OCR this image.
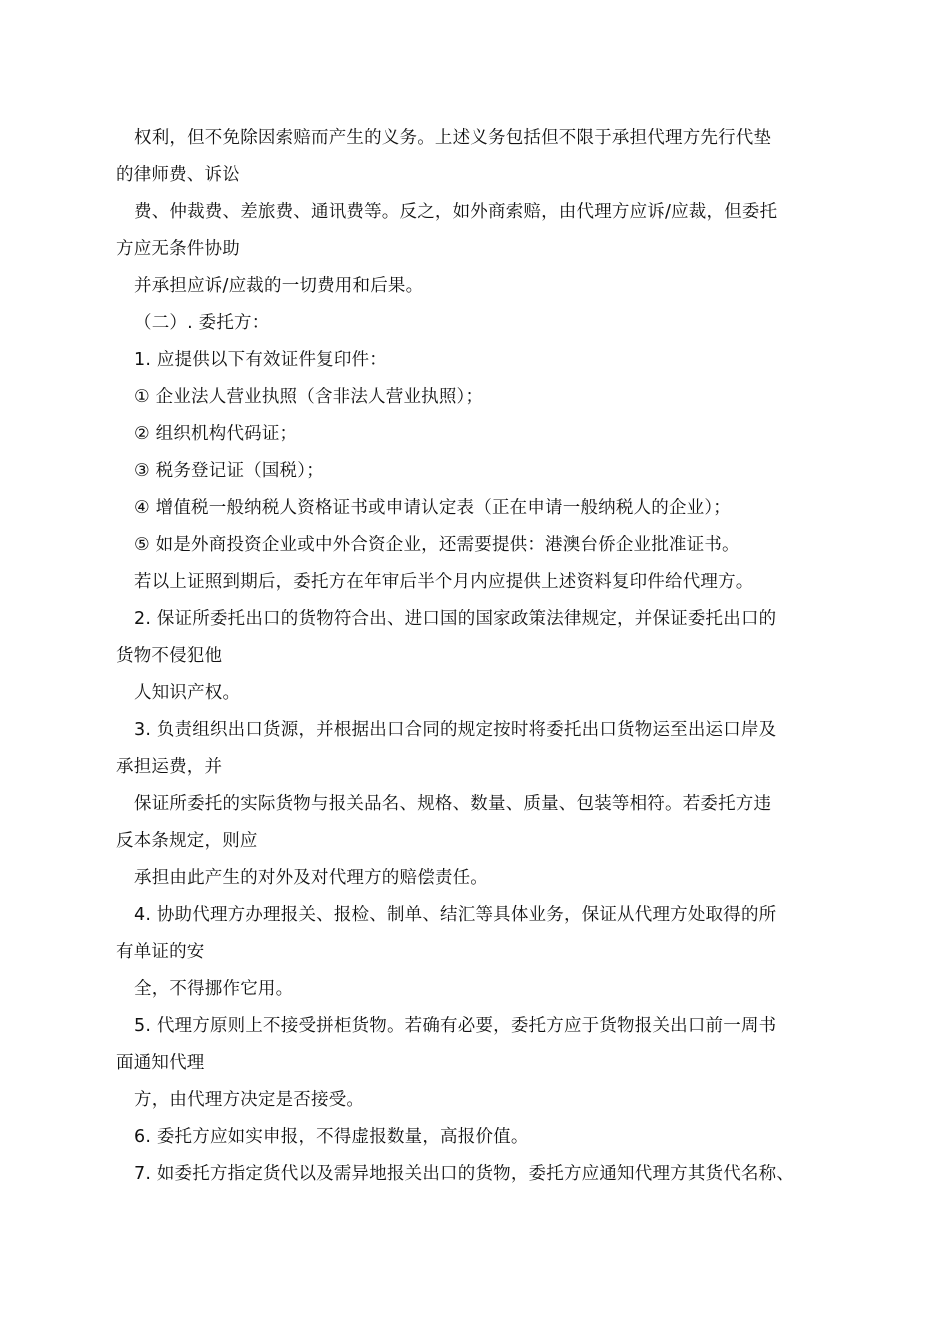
权利，但不免除因索赔而产生的义务。上述义务包括但不限于承担代理方先行代垫
的律师费、诉讼
费、仲裁费、差旅费、通讯费等。反之，如外商索赔，由代理方应诉/应裁，但委托
方应无条件协助
并承担应诉/应裁的一切费用和后果。
（二）. 委托方：
1. 应提供以下有效证件复印件：
① 企业法人营业执照（含非法人营业执照）；
② 组织机构代码证；
③ 税务登记证（国税）；
④ 增值税一般纳税人资格证书或申请认定表（正在申请一般纳税人的企业）；
⑤ 如是外商投资企业或中外合资企业，还需要提供：港澳台侨企业批准证书。
若以上证照到期后，委托方在年审后半个月内应提供上述资料复印件给代理方。
2. 保证所委托出口的货物符合出、进口国的国家政策法律规定，并保证委托出口的
货物不侵犯他
人知识产权。
3. 负责组织出口货源，并根据出口合同的规定按时将委托出口货物运至出运口岸及
承担运费，并
保证所委托的实际货物与报关品名、规格、数量、质量、包装等相符。若委托方违
反本条规定，则应
承担由此产生的对外及对代理方的赔偿责任。
4. 协助代理方办理报关、报检、制单、结汇等具体业务，保证从代理方处取得的所
有单证的安
全，不得挪作它用。
5. 代理方原则上不接受拼柜货物。若确有必要，委托方应于货物报关出口前一周书
面通知代理
方，由代理方决定是否接受。
6. 委托方应如实申报，不得虚报数量，高报价值。
7. 如委托方指定货代以及需异地报关出口的货物，委托方应通知代理方其货代名称、
